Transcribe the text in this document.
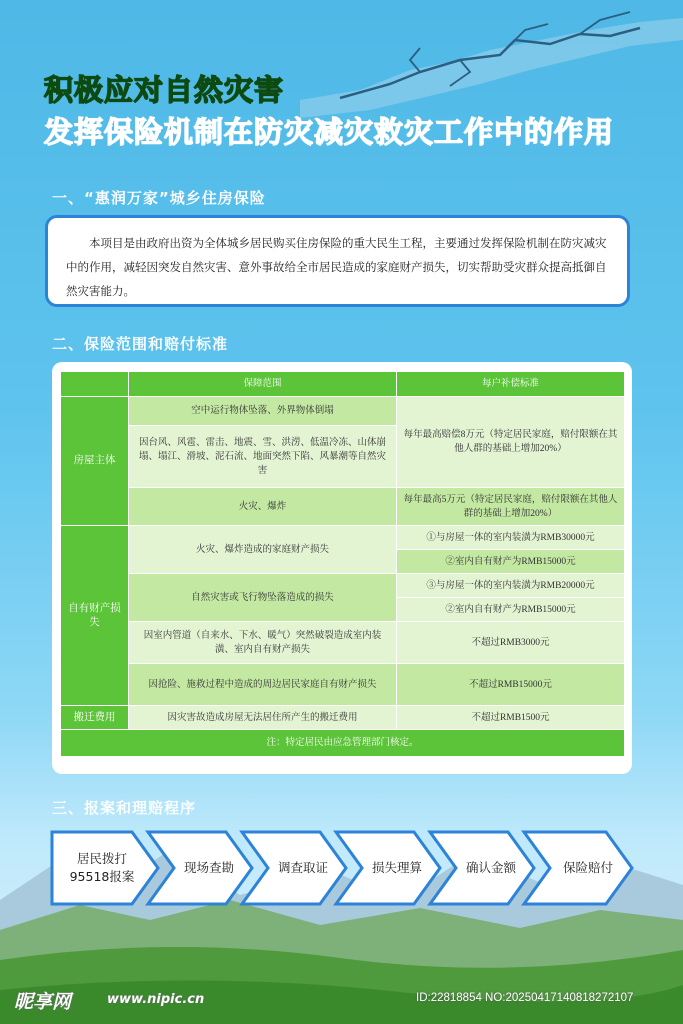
积极应对自然灾害
发挥保险机制在防灾减灾救灾工作中的作用
一、“惠润万家”城乡住房保险
本项目是由政府出资为全体城乡居民购买住房保险的重大民生工程，主要通过发挥保险机制在防灾减灾中的作用，减轻因突发自然灾害、意外事故给全市居民造成的家庭财产损失，切实帮助受灾群众提高抵御自然灾害能力。
二、保险范围和赔付标准
	保障范围	每户补偿标准
房屋主体	空中运行物体坠落、外界物体倒塌	每年最高赔偿8万元（特定居民家庭，赔付限额在其他人群的基础上增加20%）
	因台风、风雹、雷击、地震、雪、洪涝、低温冷冻、山体崩塌、塌江、滑坡、泥石流、地面突然下陷、风暴潮等自然灾害	
	火灾、爆炸	每年最高5万元（特定居民家庭，赔付限额在其他人群的基础上增加20%）
自有财产损失	火灾、爆炸造成的家庭财产损失	①与房屋一体的室内装潢为RMB30000元
		②室内自有财产为RMB15000元
	自然灾害或飞行物坠落造成的损失	③与房屋一体的室内装潢为RMB20000元
		②室内自有财产为RMB15000元
	因室内管道（自来水、下水、暖气）突然破裂造成室内装潢、室内自有财产损失	不超过RMB3000元
	因抢险、施救过程中造成的周边居民家庭自有财产损失	不超过RMB15000元
搬迁费用	因灾害故造成房屋无法居住所产生的搬迁费用	不超过RMB1500元
注：特定居民由应急管理部门核定。		
三、报案和理赔程序
居民拨打
95518报案
现场查勘	调查取证	损失理算	确认金额	保险赔付
昵享网	www.nipic.cn	ID:22818854 NO:20250417140818272107
